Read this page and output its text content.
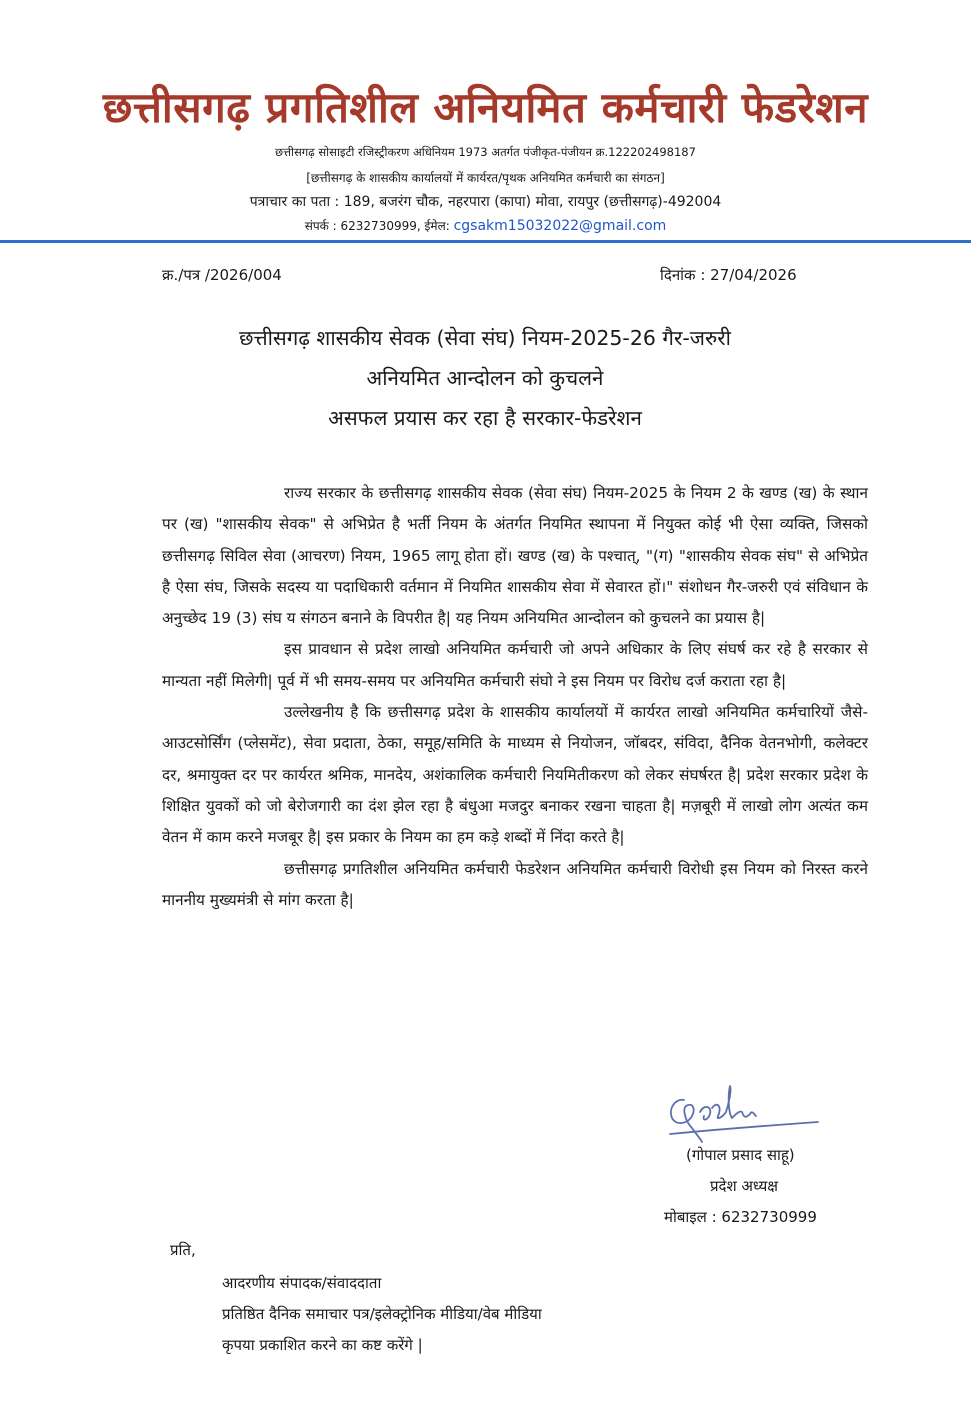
छत्तीसगढ़ प्रगतिशील अनियमित कर्मचारी फेडरेशन
छत्तीसगढ़ सोसाइटी रजिस्ट्रीकरण अधिनियम 1973 अतर्गत पंजीकृत-पंजीयन क्र.122202498187
[छत्तीसगढ़ के शासकीय कार्यालयों में कार्यरत/पृथक अनियमित कर्मचारी का संगठन]
पत्राचार का पता : 189, बजरंग चौक, नहरपारा (कापा) मोवा, रायपुर (छत्तीसगढ़)-492004
संपर्क : 6232730999, ईमेल: cgsakm15032022@gmail.com
क्र./पत्र /2026/004	दिनांक : 27/04/2026
छत्तीसगढ़ शासकीय सेवक (सेवा संघ) नियम-2025-26 गैर-जरुरी
अनियमित आन्दोलन को कुचलने
असफल प्रयास कर रहा है सरकार-फेडरेशन

राज्य सरकार के छत्तीसगढ़ शासकीय सेवक (सेवा संघ) नियम-2025 के नियम 2 के खण्ड (ख) के स्थान पर (ख) "शासकीय सेवक" से अभिप्रेत है भर्ती नियम के अंतर्गत नियमित स्थापना में नियुक्त कोई भी ऐसा व्यक्ति, जिसको छत्तीसगढ़ सिविल सेवा (आचरण) नियम, 1965 लागू होता हों। खण्ड (ख) के पश्चात्, "(ग) "शासकीय सेवक संघ" से अभिप्रेत है ऐसा संघ, जिसके सदस्य या पदाधिकारी वर्तमान में नियमित शासकीय सेवा में सेवारत हों।" संशोधन गैर-जरुरी एवं संविधान के अनुच्छेद 19 (3) संघ य संगठन बनाने के विपरीत है| यह नियम अनियमित आन्दोलन को कुचलने का प्रयास है|

इस प्रावधान से प्रदेश लाखो अनियमित कर्मचारी जो अपने अधिकार के लिए संघर्ष कर रहे है सरकार से मान्यता नहीं मिलेगी| पूर्व में भी समय-समय पर अनियमित कर्मचारी संघो ने इस नियम पर विरोध दर्ज कराता रहा है|

उल्लेखनीय है कि छत्तीसगढ़ प्रदेश के शासकीय कार्यालयों में कार्यरत लाखो अनियमित कर्मचारियों जैसे-आउटसोर्सिंग (प्लेसमेंट), सेवा प्रदाता, ठेका, समूह/समिति के माध्यम से नियोजन, जॉबदर, संविदा, दैनिक वेतनभोगी, कलेक्टर दर, श्रमायुक्त दर पर कार्यरत श्रमिक, मानदेय, अशंकालिक कर्मचारी नियमितीकरण को लेकर संघर्षरत है| प्रदेश सरकार प्रदेश के शिक्षित युवकों को जो बेरोजगारी का दंश झेल रहा है बंधुआ मजदुर बनाकर रखना चाहता है| मज़बूरी में लाखो लोग अत्यंत कम वेतन में काम करने मजबूर है| इस प्रकार के नियम का हम कड़े शब्दों में निंदा करते है|

छत्तीसगढ़ प्रगतिशील अनियमित कर्मचारी फेडरेशन अनियमित कर्मचारी विरोधी इस नियम को निरस्त करने माननीय मुख्यमंत्री से मांग करता है|

(गोपाल प्रसाद साहू)
प्रदेश अध्यक्ष
मोबाइल : 6232730999
प्रति,
आदरणीय संपादक/संवाददाता
प्रतिष्ठित दैनिक समाचार पत्र/इलेक्ट्रोनिक मीडिया/वेब मीडिया
कृपया प्रकाशित करने का कष्ट करेंगे |
